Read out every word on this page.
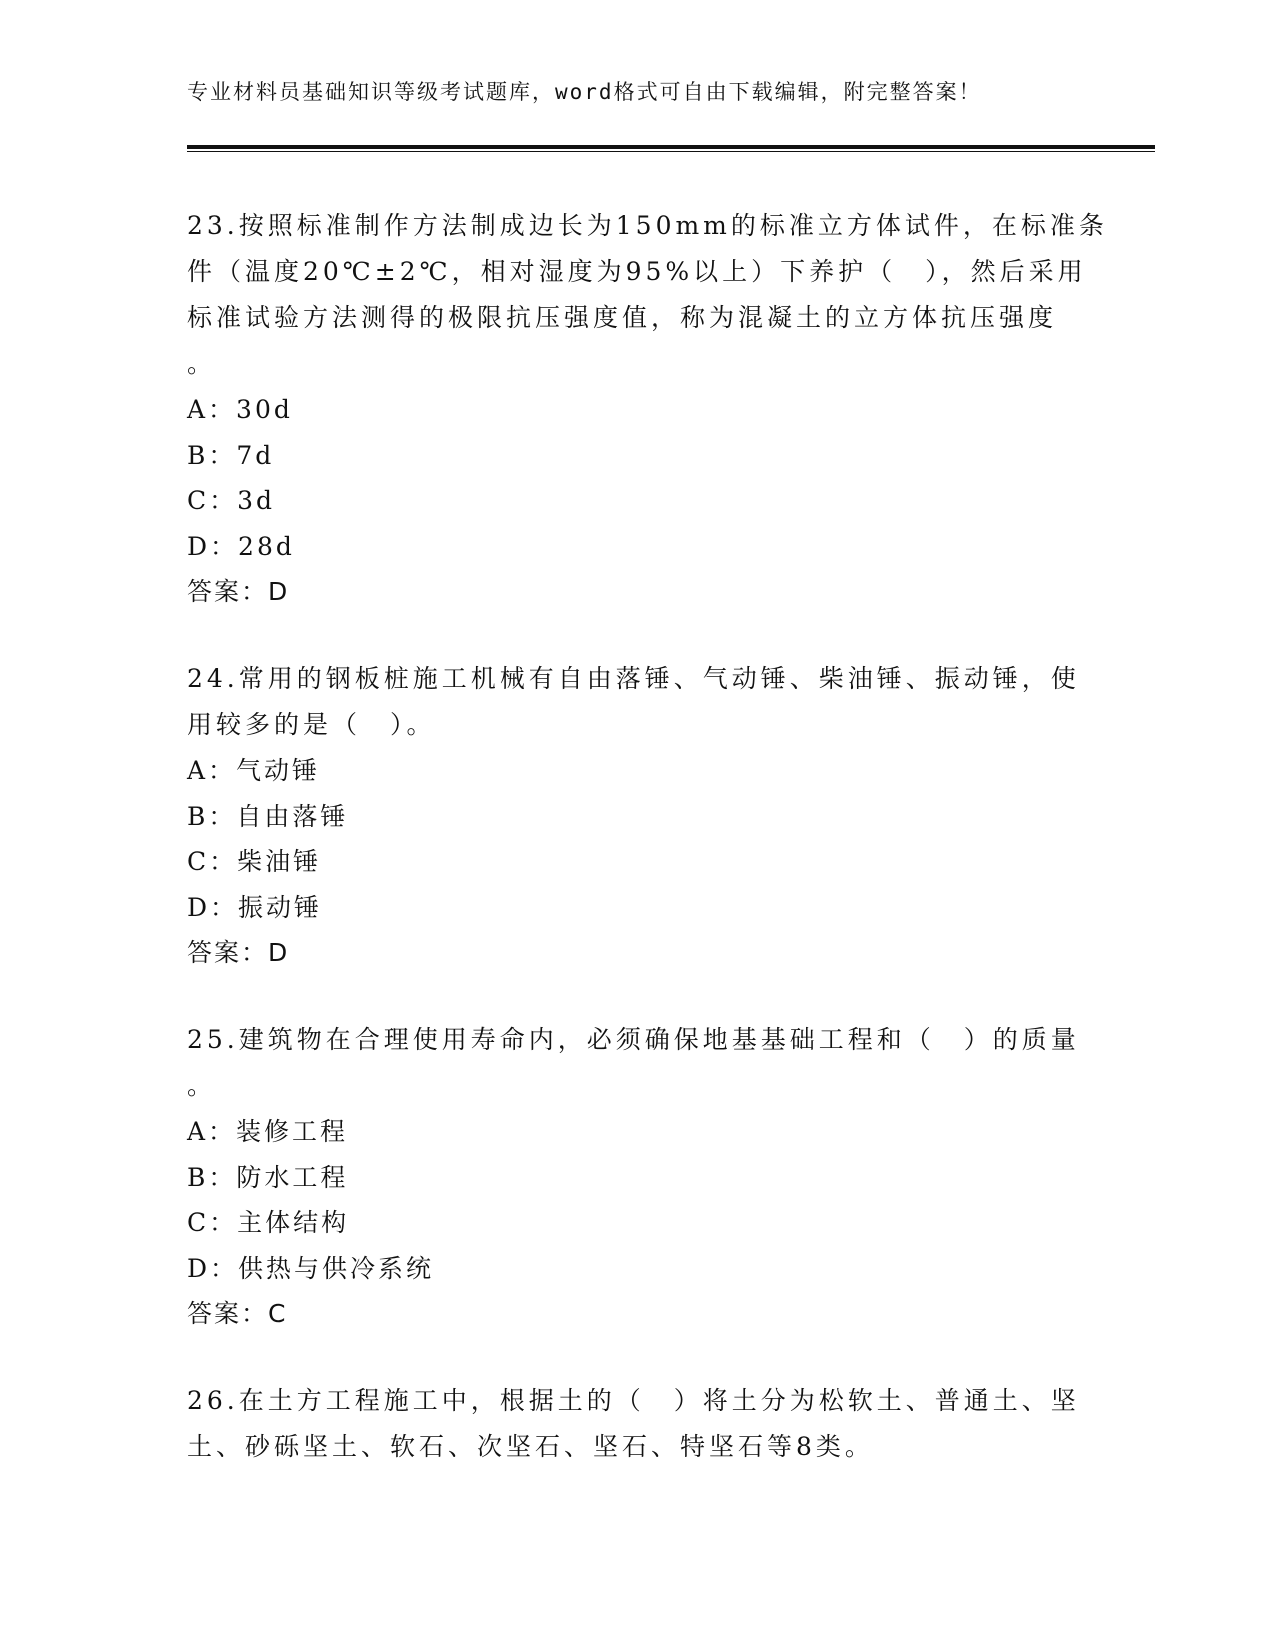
专业材料员基础知识等级考试题库，word格式可自由下载编辑，附完整答案！
23.按照标准制作方法制成边长为150mm的标准立方体试件，在标准条
件（温度20℃±2℃，相对湿度为95%以上）下养护（　），然后采用
标准试验方法测得的极限抗压强度值，称为混凝土的立方体抗压强度
。
A：30d
B：7d
C：3d
D：28d
答案：D
24.常用的钢板桩施工机械有自由落锤、气动锤、柴油锤、振动锤，使
用较多的是（　）。
A：气动锤
B：自由落锤
C：柴油锤
D：振动锤
答案：D
25.建筑物在合理使用寿命内，必须确保地基基础工程和（　）的质量
。
A：装修工程
B：防水工程
C：主体结构
D：供热与供冷系统
答案：C
26.在土方工程施工中，根据土的（　）将土分为松软土、普通土、坚
土、砂砾坚土、软石、次坚石、坚石、特坚石等8类。
